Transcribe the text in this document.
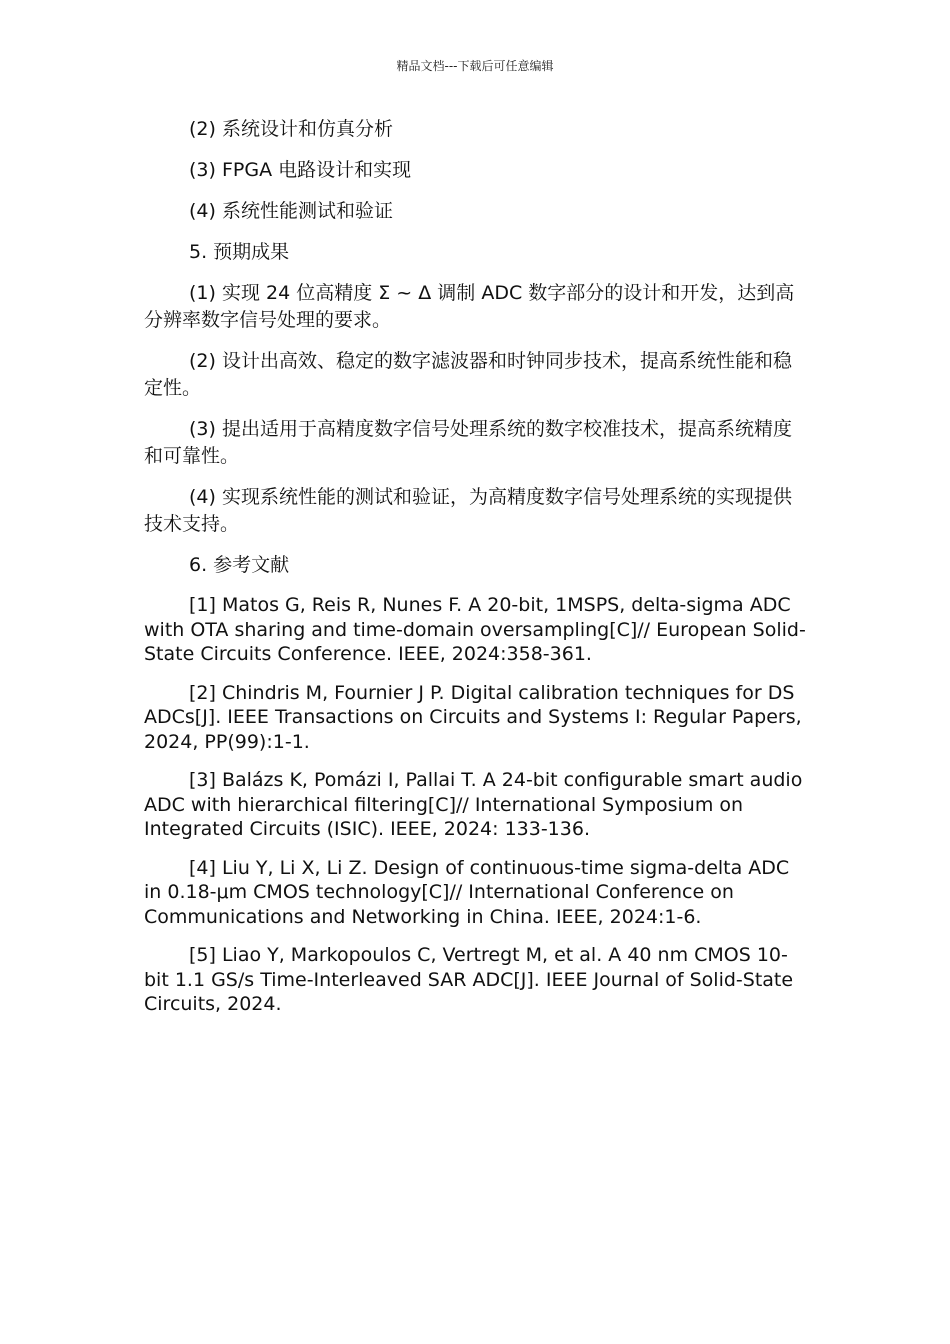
精品文档---下载后可任意编辑

(2) 系统设计和仿真分析

(3) FPGA 电路设计和实现

(4) 系统性能测试和验证

5. 预期成果

(1) 实现 24 位高精度 Σ ~ Δ 调制 ADC 数字部分的设计和开发，达到高分辨率数字信号处理的要求。

(2) 设计出高效、稳定的数字滤波器和时钟同步技术，提高系统性能和稳定性。

(3) 提出适用于高精度数字信号处理系统的数字校准技术，提高系统精度和可靠性。

(4) 实现系统性能的测试和验证，为高精度数字信号处理系统的实现提供技术支持。

6. 参考文献

[1] Matos G, Reis R, Nunes F. A 20-bit, 1MSPS, delta-sigma ADC with OTA sharing and time-domain oversampling[C]// European Solid-State Circuits Conference. IEEE, 2024:358-361.

[2] Chindris M, Fournier J P. Digital calibration techniques for DS ADCs[J]. IEEE Transactions on Circuits and Systems I: Regular Papers, 2024, PP(99):1-1.

[3] Balázs K, Pomázi I, Pallai T. A 24-bit configurable smart audio ADC with hierarchical filtering[C]// International Symposium on Integrated Circuits (ISIC). IEEE, 2024: 133-136.

[4] Liu Y, Li X, Li Z. Design of continuous-time sigma-delta ADC in 0.18-μm CMOS technology[C]// International Conference on Communications and Networking in China. IEEE, 2024:1-6.

[5] Liao Y, Markopoulos C, Vertregt M, et al. A 40 nm CMOS 10-bit 1.1 GS/s Time-Interleaved SAR ADC[J]. IEEE Journal of Solid-State Circuits, 2024.
